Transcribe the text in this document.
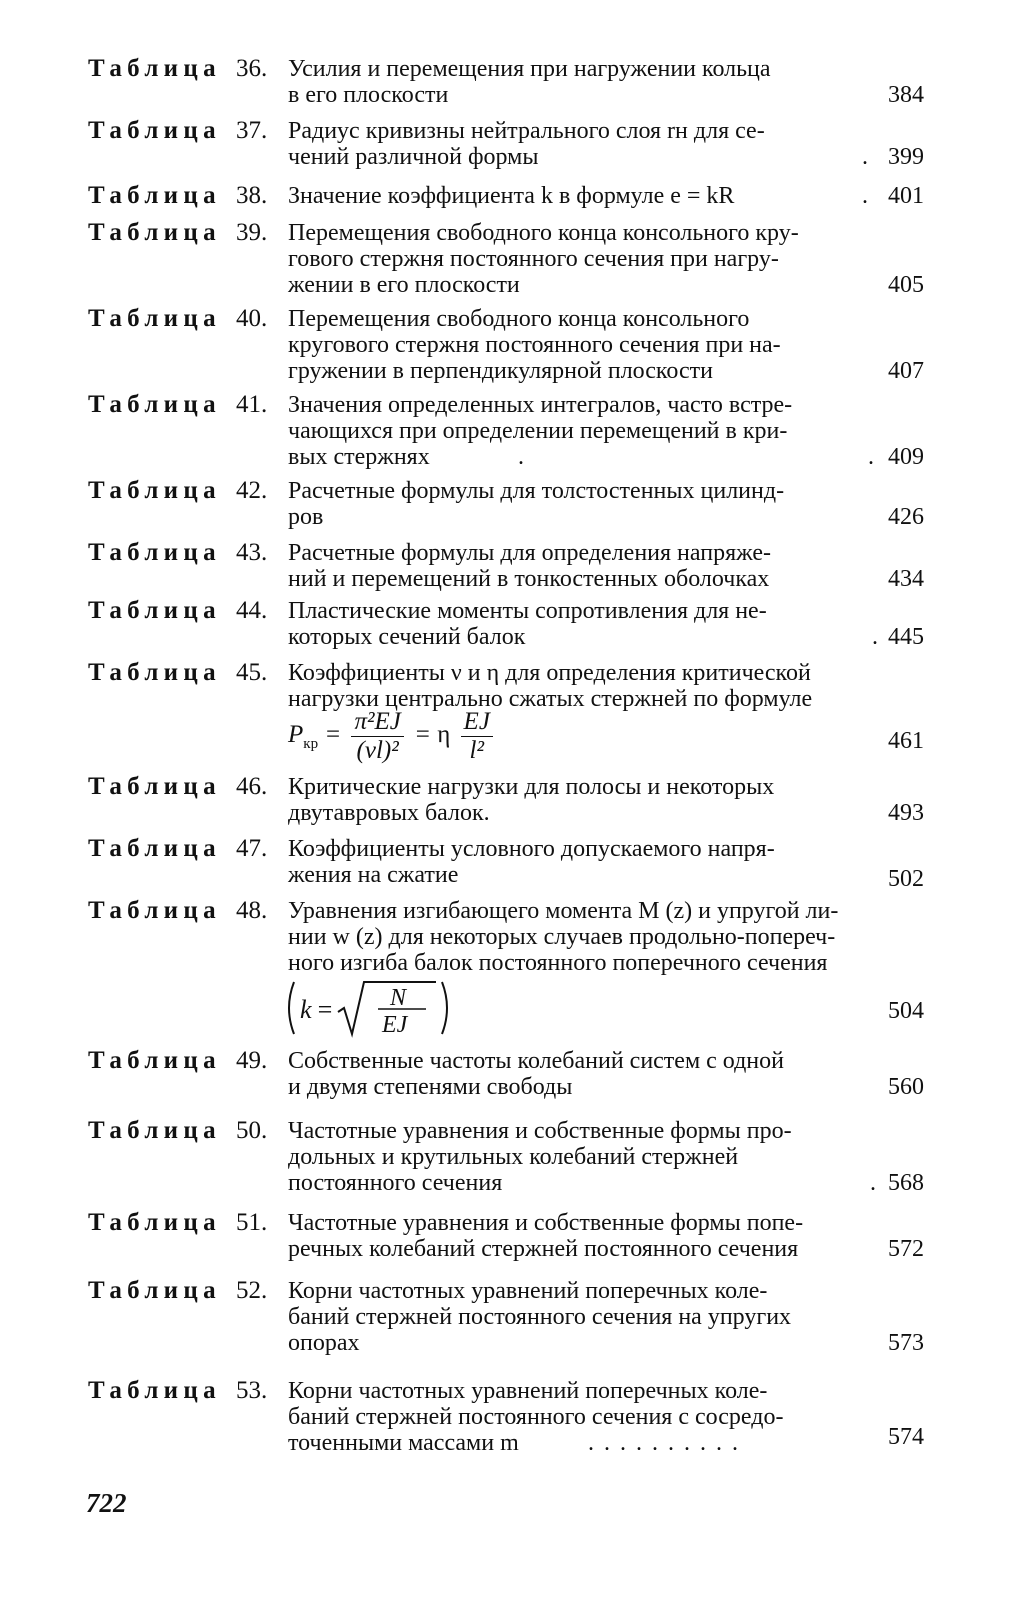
Таблица 36. Усилия и перемещения при нагружении кольца
в его плоскости	384
Таблица 37. Радиус кривизны нейтрального слоя rн для се-
чений различной формы	. 399
Таблица 38. Значение коэффициента k в формуле e = kR	. 401
Таблица 39. Перемещения свободного конца консольного кру-
гового стержня постоянного сечения при нагру-
жении в его плоскости	405
Таблица 40. Перемещения свободного конца консольного
кругового стержня постоянного сечения при на-
гружении в перпендикулярной плоскости	407
Таблица 41. Значения определенных интегралов, часто встре-
чающихся при определении перемещений в кри-
вых стержнях	.	. 409
Таблица 42. Расчетные формулы для толстостенных цилинд-
ров	426
Таблица 43. Расчетные формулы для определения напряже-
ний и перемещений в тонкостенных оболочках	434
Таблица 44. Пластические моменты сопротивления для не-
которых сечений балок	. 445
Таблица 45. Коэффициенты ν и η для определения критической
нагрузки центрально сжатых стержней по формуле
$P_{кр} = \frac{\text{π²EJ}}{\text{(νl)²}} = \eta \frac{EJ}{\text{l²}}$	461
Таблица 46. Критические нагрузки для полосы и некоторых
двутавровых балок.	493
Таблица 47. Коэффициенты условного допускаемого напря-
жения на сжатие	502
Таблица 48. Уравнения изгибающего момента M (z) и упругой ли-
нии w (z) для некоторых случаев продольно-попереч-
ного изгиба балок постоянного поперечного сечения
k = N
EJ
504
Таблица 49. Собственные частоты колебаний систем с одной
и двумя степенями свободы	560
Таблица 50. Частотные уравнения и собственные формы про-
дольных и крутильных колебаний стержней
постоянного сечения	. 568
Таблица 51. Частотные уравнения и собственные формы попе-
речных колебаний стержней постоянного сечения	572
Таблица 52. Корни частотных уравнений поперечных коле-
баний стержней постоянного сечения на упругих
опорах	573
Таблица 53. Корни частотных уравнений поперечных коле-
баний стержней постоянного сечения с сосредо-
точенными массами m	. . . . . . . . . .	574
722
